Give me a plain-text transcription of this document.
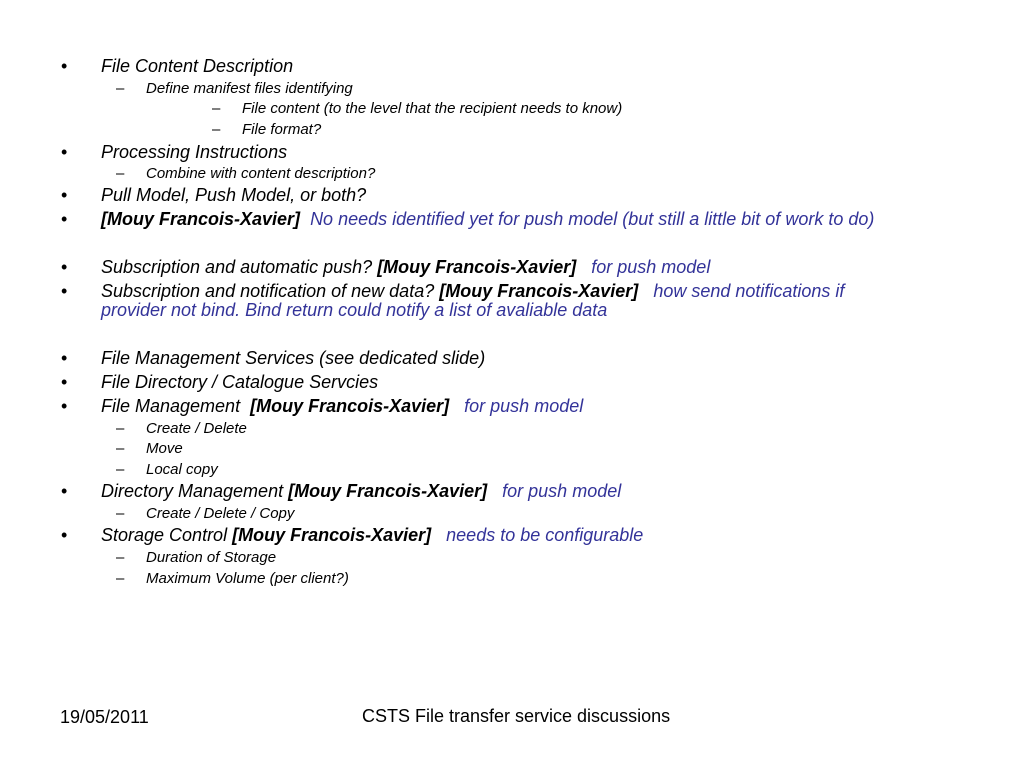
• File Content Description
– Define manifest files identifying
– File content (to the level that the recipient needs to know)
– File format?
• Processing Instructions
– Combine with content description?
• Pull Model, Push Model, or both?
• [Mouy Francois-Xavier] No needs identified yet for push model (but still a little bit of work to do)
• Subscription and automatic push? [Mouy Francois-Xavier] for push model
• Subscription and notification of new data? [Mouy Francois-Xavier] how send notifications if
provider not bind. Bind return could notify a list of avaliable data
• File Management Services (see dedicated slide)
• File Directory / Catalogue Servcies
• File Management [Mouy Francois-Xavier] for push model
– Create / Delete
– Move
– Local copy
• Directory Management [Mouy Francois-Xavier] for push model
– Create / Delete / Copy
• Storage Control [Mouy Francois-Xavier] needs to be configurable
– Duration of Storage
– Maximum Volume (per client?)
19/05/2011	CSTS File transfer service discussions
